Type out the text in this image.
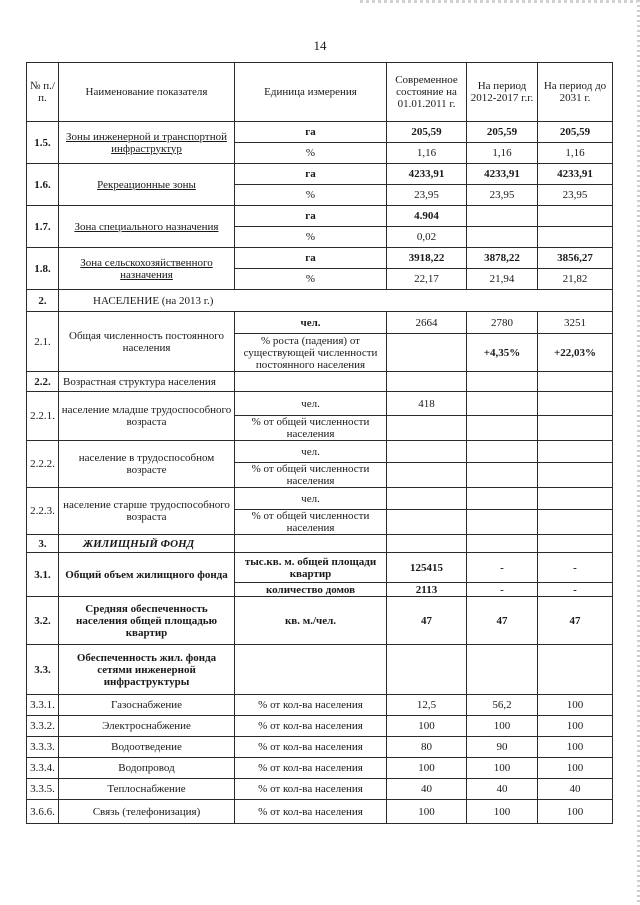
14
№ п./п.	Наименование показателя	Единица измерения	Современное состояние на 01.01.2011 г.	На период 2012-2017 г.г.	На период до 2031 г.
1.5.	Зоны инженерной и транспортной инфраструктур	га	205,59	205,59	205,59
		%	1,16	1,16	1,16
1.6.	Рекреационные зоны	га	4233,91	4233,91	4233,91
		%	23,95	23,95	23,95
1.7.	Зона специального назначения	га	4.904		
		%	0,02		
1.8.	Зона сельскохозяйственного назначения	га	3918,22	3878,22	3856,27
		%	22,17	21,94	21,82
2.	НАСЕЛЕНИЕ (на 2013 г.)				
2.1.	Общая численность постоянного населения	чел.	2664	2780	3251
		% роста (падения) от существующей численности постоянного населения		+4,35%	+22,03%
2.2.	Возрастная структура населения				
2.2.1.	население младше трудоспособного возраста	чел.	418		
		% от общей численности населения			
2.2.2.	население в трудоспособном возрасте	чел.			
		% от общей численности населения			
2.2.3.	население старше трудоспособного возраста	чел.			
		% от общей численности населения			
3.	ЖИЛИЩНЫЙ ФОНД				
3.1.	Общий объем жилищного фонда	тыс.кв. м. общей площади квартир	125415	-	-
		количество домов	2113	-	-
3.2.	Средняя обеспеченность населения общей площадью квартир	кв. м./чел.	47	47	47
3.3.	Обеспеченность жил. фонда сетями инженерной инфраструктуры				
3.3.1.	Газоснабжение	% от кол-ва населения	12,5	56,2	100
3.3.2.	Электроснабжение	% от кол-ва населения	100	100	100
3.3.3.	Водоотведение	% от кол-ва населения	80	90	100
3.3.4.	Водопровод	% от кол-ва населения	100	100	100
3.3.5.	Теплоснабжение	% от кол-ва населения	40	40	40
3.6.6.	Связь (телефонизация)	% от кол-ва населения	100	100	100
